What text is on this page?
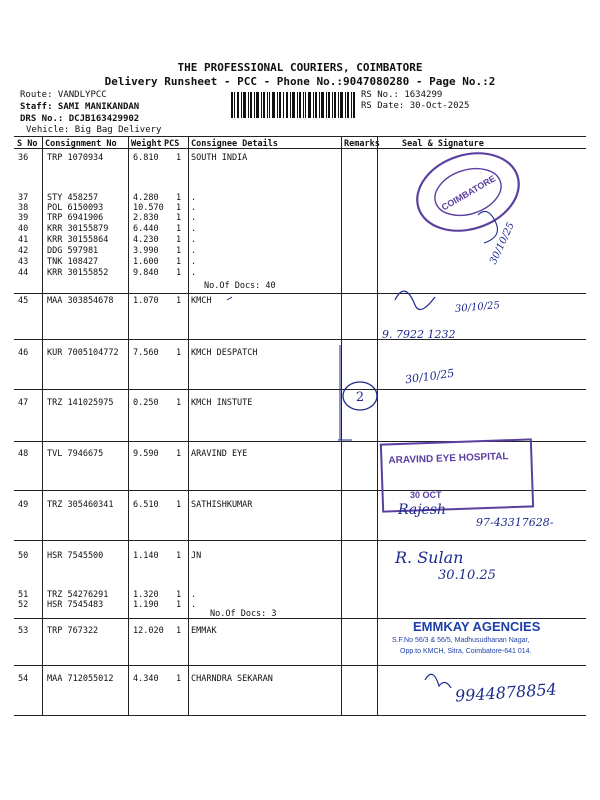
THE PROFESSIONAL COURIERS, COIMBATORE
Delivery Runsheet - PCC - Phone No.:9047080280 - Page No.:2
Route: VANDLYPCC
Staff: SAMI MANIKANDAN
DRS No.: DCJB163429902
Vehicle: Big Bag Delivery
RS No.: 1634299
RS Date: 30-Oct-2025
S No Consignment No Weight PCS Consignee Details	Remarks	Seal & Signature
36 TRP 1070934	6.810 1 SOUTH INDIA
37 STY 458257	4.280 1 .
38 POL 6150093	10.570 1 .
39 TRP 6941906	2.830 1 .
40 KRR 30155879	6.440 1 .
41 KRR 30155864	4.230 1 .
42 DDG 597981	3.990 1 .
43 TNK 108427	1.600 1 .
44 KRR 30155852	9.840 1 .
45 MAA 303854678 1.070 1 KMCH
46 KUR 7005104772 7.560 1 KMCH DESPATCH
47 TRZ 141025975 0.250 1 KMCH INSTUTE
48 TVL 7946675	9.590 1 ARAVIND EYE
49 TRZ 305460341 6.510 1 SATHISHKUMAR
50 HSR 7545500	1.140 1 JN
51 TRZ 54276291	1.320 1 .
52 HSR 7545483	1.190 1 .
53 TRP 767322	12.020 1 EMMAK
54 MAA 712055012 4.340 1 CHARNDRA SEKARAN
No.Of Docs: 40
No.Of Docs: 3
COIMBATORE
30/10/25
30/10/25
9. 7922 1232
30/10/25
2
ARAVIND EYE HOSPITAL
30 OCT
Rajesh
97-43317628-
R. Sulan
30.10.25
EMMKAY AGENCIES
S.F.No 56/3 & 56/5, Madhusudhanan Nagar,
Opp.to KMCH, Sitra, Coimbatore-641 014.
9944878854
